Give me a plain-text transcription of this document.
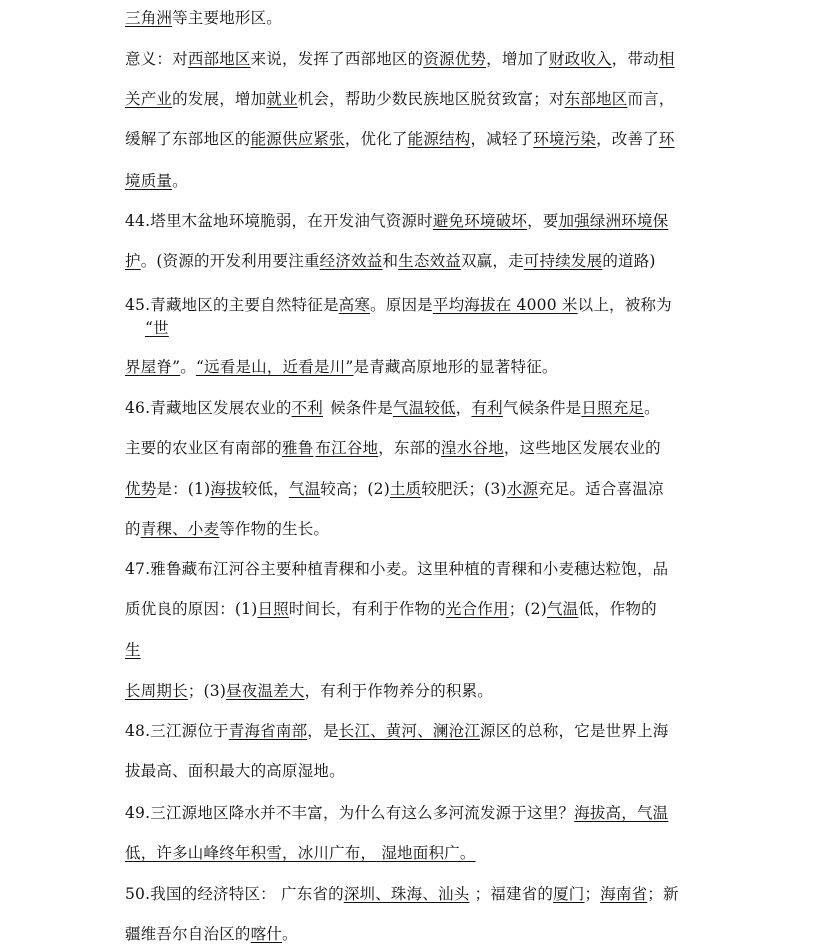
三角洲等主要地形区。
意义：对西部地区来说，发挥了西部地区的资源优势，增加了财政收入，带动相
关产业的发展，增加就业机会，帮助少数民族地区脱贫致富；对东部地区而言，
缓解了东部地区的能源供应紧张，优化了能源结构，减轻了环境污染，改善了环
境质量。
44.塔里木盆地环境脆弱，在开发油气资源时避免环境破坏，要加强绿洲环境保
护。(资源的开发利用要注重经济效益和生态效益双赢，走可持续发展的道路)
45.青藏地区的主要自然特征是高寒。原因是平均海拔在 4000 米以上，被称为
“世
界屋脊”。“远看是山，近看是川”是青藏高原地形的显著特征。
46.青藏地区发展农业的不利 候条件是气温较低，有利气候条件是日照充足。
主要的农业区有南部的雅鲁 布江谷地，东部的湟水谷地，这些地区发展农业的
优势是：(1)海拔较低，气温较高；(2)土质较肥沃；(3)水源充足。适合喜温凉
的青稞、小麦等作物的生长。
47.雅鲁藏布江河谷主要种植青稞和小麦。这里种植的青稞和小麦穗达粒饱，品
质优良的原因：(1)日照时间长，有利于作物的光合作用；(2)气温低，作物的
生
长周期长；(3)昼夜温差大，有利于作物养分的积累。
48.三江源位于青海省南部，是长江、黄河、澜沧江源区的总称，它是世界上海
拔最高、面积最大的高原湿地。
49.三江源地区降水并不丰富，为什么有这么多河流发源于这里？海拔高，气温
低，许多山峰终年积雪，冰川广布， 湿地面积广。
50.我国的经济特区： 广东省的深圳、珠海、汕头 ；福建省的厦门；海南省；新
疆维吾尔自治区的喀什。
